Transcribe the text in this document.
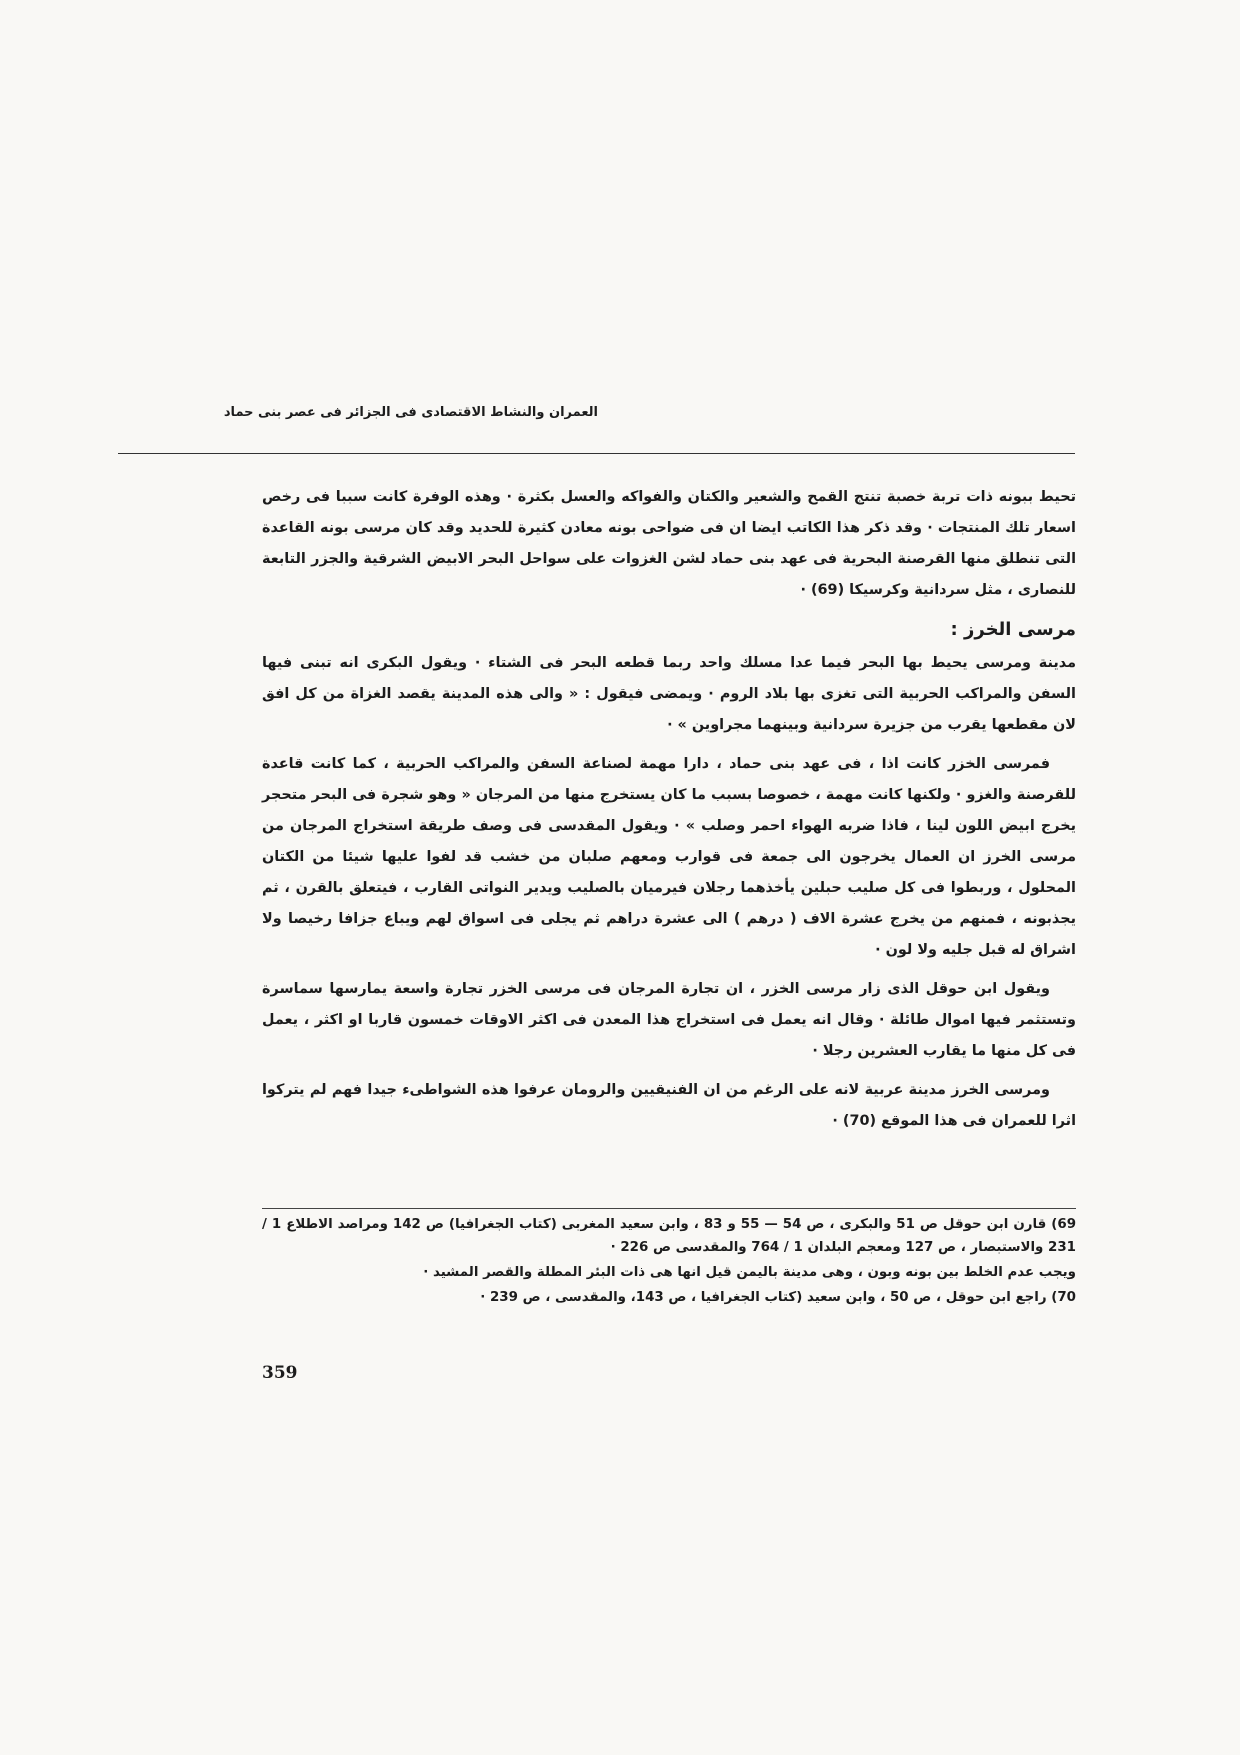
العمران والنشاط الاقتصادى فى الجزائر فى عصر بنى حماد

تحيط ببونه ذات تربة خصبة تنتج القمح والشعير والكتان والفواكه والعسل بكثرة · وهذه الوفرة كانت سببا فى رخص اسعار تلك المنتجات · وقد ذكر هذا الكاتب ايضا ان فى ضواحى بونه معادن كثيرة للحديد وقد كان مرسى بونه القاعدة التى تنطلق منها القرصنة البحرية فى عهد بنى حماد لشن الغزوات على سواحل البحر الابيض الشرقية والجزر التابعة للنصارى ، مثل سردانية وكرسيكا (69) ·

مرسى الخرز :

مدينة ومرسى يحيط بها البحر فيما عدا مسلك واحد ربما قطعه البحر فى الشتاء · ويقول البكرى انه تبنى فيها السفن والمراكب الحربية التى تغزى بها بلاد الروم · ويمضى فيقول : « والى هذه المدينة يقصد الغزاة من كل افق لان مقطعها يقرب من جزيرة سردانية وبينهما مجراوين » ·

فمرسى الخزر كانت اذا ، فى عهد بنى حماد ، دارا مهمة لصناعة السفن والمراكب الحربية ، كما كانت قاعدة للقرصنة والغزو · ولكنها كانت مهمة ، خصوصا بسبب ما كان يستخرج منها من المرجان « وهو شجرة فى البحر متحجر يخرج ابيض اللون لينا ، فاذا ضربه الهواء احمر وصلب » · ويقول المقدسى فى وصف طريقة استخراج المرجان من مرسى الخرز ان العمال يخرجون الى جمعة فى قوارب ومعهم صلبان من خشب قد لفوا عليها شيئا من الكتان المحلول ، وربطوا فى كل صليب حبلين يأخذهما رجلان فيرميان بالصليب ويدير النواتى القارب ، فيتعلق بالقرن ، ثم يجذبونه ، فمنهم من يخرج عشرة الاف ( درهم ) الى عشرة دراهم ثم يجلى فى اسواق لهم ويباع جزافا رخيصا ولا اشراق له قبل جليه ولا لون ·

ويقول ابن حوقل الذى زار مرسى الخزر ، ان تجارة المرجان فى مرسى الخزر تجارة واسعة يمارسها سماسرة وتستثمر فيها اموال طائلة · وقال انه يعمل فى استخراج هذا المعدن فى اكثر الاوقات خمسون قاربا او اكثر ، يعمل فى كل منها ما يقارب العشرين رجلا ·

ومرسى الخرز مدينة عربية لانه على الرغم من ان الفنيقيين والرومان عرفوا هذه الشواطىء جيدا فهم لم يتركوا اثرا للعمران فى هذا الموقع (70) ·

69) قارن ابن حوقل ص 51 والبكرى ، ص 54 — 55 و 83 ، وابن سعيد المغربى (كتاب الجغرافيا) ص 142 ومراصد الاطلاع 1 / 231 والاستبصار ، ص 127 ومعجم البلدان 1 / 764 والمقدسى ص 226 ·

ويجب عدم الخلط بين بونه وبون ، وهى مدينة باليمن قيل انها هى ذات البئر المطلة والقصر المشيد ·

70) راجع ابن حوقل ، ص 50 ، وابن سعيد (كتاب الجغرافيا ، ص 143، والمقدسى ، ص 239 ·

359
